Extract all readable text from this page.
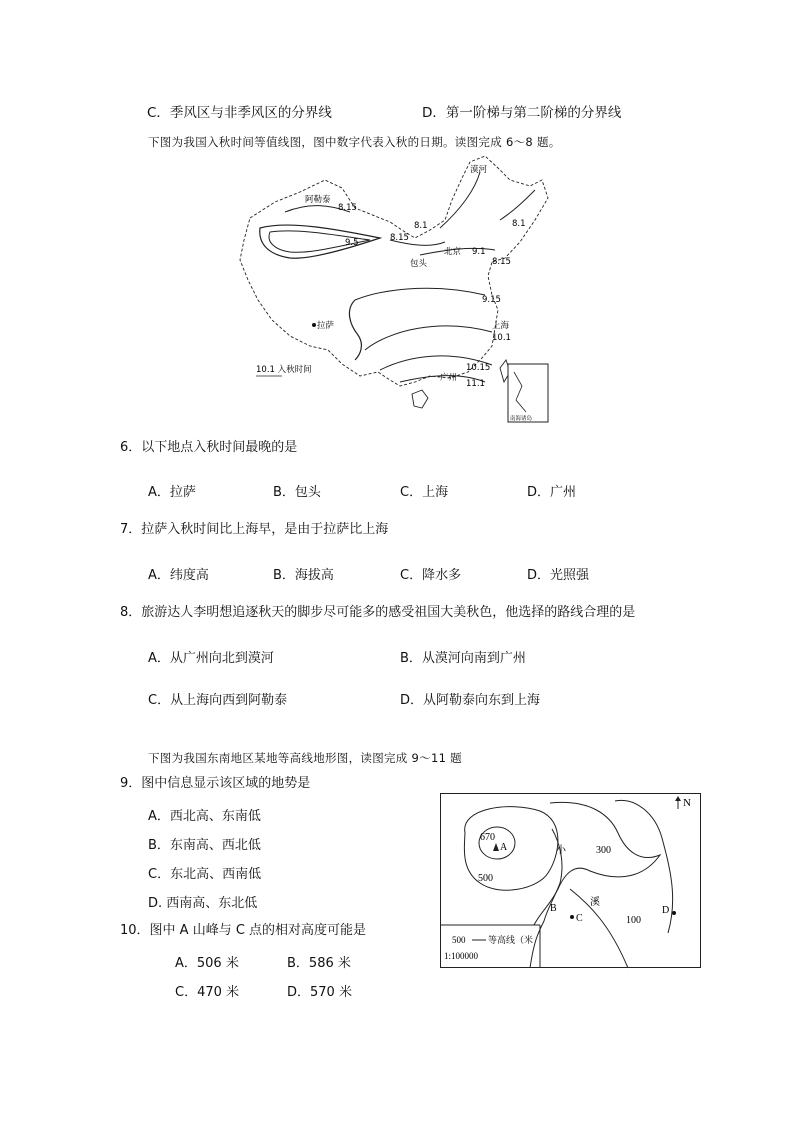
C．季风区与非季风区的分界线	D．第一阶梯与第二阶梯的分界线
下图为我国入秋时间等值线图，图中数字代表入秋的日期。读图完成 6～8 题。
漠河
阿勒泰
8.15
9.5	8.15
8.1	8.1
北京 9.1
8.15
包头
9.15
拉萨	上海
10.1
广州
10.15
11.1
10.1 入秋时间
南海诸岛
6．以下地点入秋时间最晚的是
A．拉萨	B．包头	C．上海	D．广州
7．拉萨入秋时间比上海早，是由于拉萨比上海
A．纬度高	B．海拔高	C．降水多	D．光照强
8．旅游达人李明想追逐秋天的脚步尽可能多的感受祖国大美秋色，他选择的路线合理的是
A．从广州向北到漠河	B．从漠河向南到广州
C．从上海向西到阿勒泰	D．从阿勒泰向东到上海
下图为我国东南地区某地等高线地形图，读图完成 9～11 题
9．图中信息显示该区域的地势是
A．西北高、东南低
B．东南高、西北低
C．东北高、西南低
D. 西南高、东北低
10．图中 A 山峰与 C 点的相对高度可能是
A．506 米	B．586 米
C．470 米	D．570 米
N
670
A
500
300
100
小
溪
B
C
D
500	等高线（米
1:100000
